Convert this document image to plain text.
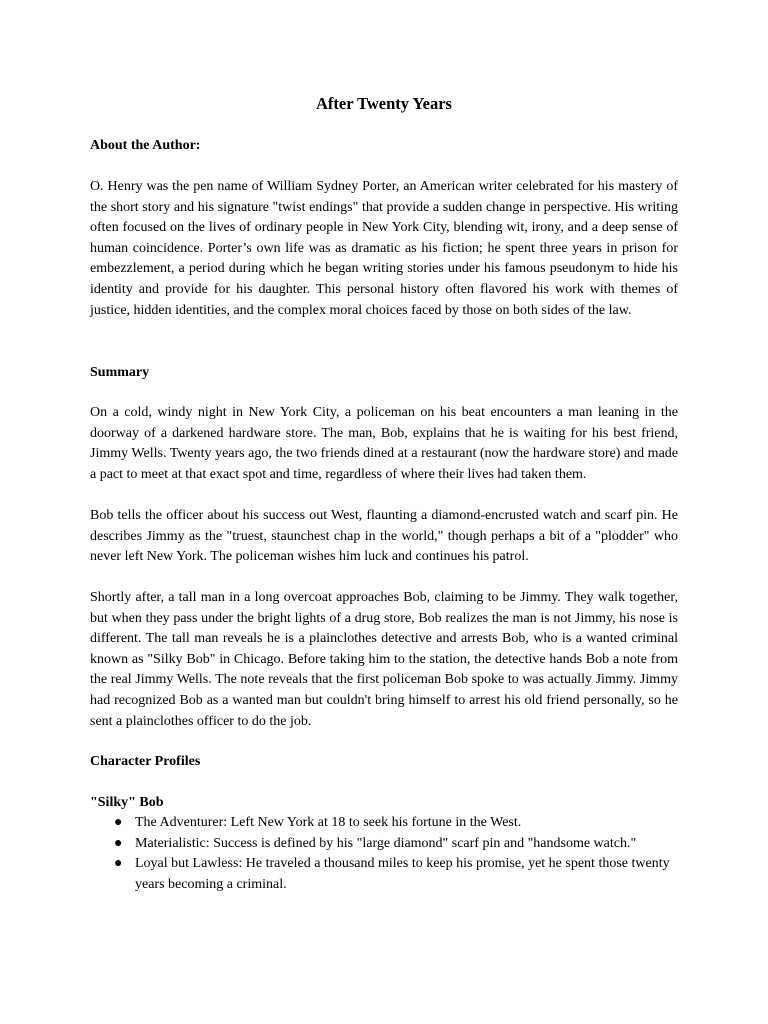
After Twenty Years
About the Author:

O. Henry was the pen name of William Sydney Porter, an American writer celebrated for his mastery of the short story and his signature "twist endings" that provide a sudden change in perspective. His writing often focused on the lives of ordinary people in New York City, blending wit, irony, and a deep sense of human coincidence. Porter’s own life was as dramatic as his fiction; he spent three years in prison for embezzlement, a period during which he began writing stories under his famous pseudonym to hide his identity and provide for his daughter. This personal history often flavored his work with themes of justice, hidden identities, and the complex moral choices faced by those on both sides of the law.

Summary

On a cold, windy night in New York City, a policeman on his beat encounters a man leaning in the doorway of a darkened hardware store. The man, Bob, explains that he is waiting for his best friend, Jimmy Wells. Twenty years ago, the two friends dined at a restaurant (now the hardware store) and made a pact to meet at that exact spot and time, regardless of where their lives had taken them.

Bob tells the officer about his success out West, flaunting a diamond-encrusted watch and scarf pin. He describes Jimmy as the "truest, staunchest chap in the world," though perhaps a bit of a "plodder" who never left New York. The policeman wishes him luck and continues his patrol.

Shortly after, a tall man in a long overcoat approaches Bob, claiming to be Jimmy. They walk together, but when they pass under the bright lights of a drug store, Bob realizes the man is not Jimmy, his nose is different. The tall man reveals he is a plainclothes detective and arrests Bob, who is a wanted criminal known as "Silky Bob" in Chicago. Before taking him to the station, the detective hands Bob a note from the real Jimmy Wells. The note reveals that the first policeman Bob spoke to was actually Jimmy. Jimmy had recognized Bob as a wanted man but couldn't bring himself to arrest his old friend personally, so he sent a plainclothes officer to do the job.

Character Profiles
"Silky" Bob
● The Adventurer: Left New York at 18 to seek his fortune in the West.
● Materialistic: Success is defined by his "large diamond" scarf pin and "handsome watch."
● Loyal but Lawless: He traveled a thousand miles to keep his promise, yet he spent those twenty years becoming a criminal.
